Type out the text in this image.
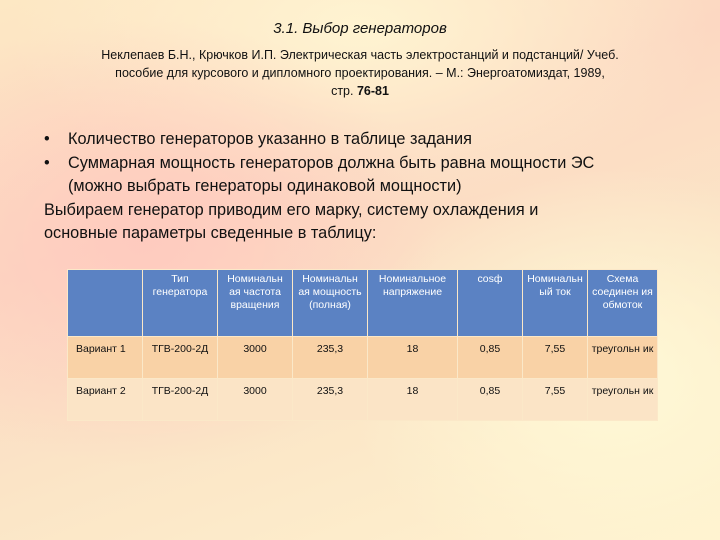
3.1. Выбор генераторов
Неклепаев Б.Н., Крючков И.П. Электрическая часть электростанций и подстанций/ Учеб.
пособие для курсового и дипломного проектирования. – М.: Энергоатомиздат, 1989,
стр. 76-81
• Количество генераторов указанно в таблице задания
• Суммарная мощность генераторов должна быть равна мощности ЭС
(можно выбрать генераторы одинаковой мощности)
Выбираем генератор приводим его марку, систему охлаждения и
основные параметры сведенные в таблицу:
	Тип генератора	Номинальн ая частота вращения	Номинальн ая мощность (полная)	Номинальное напряжение	cosф	Номинальн ый ток	Схема соединен ия обмоток
Вариант 1	ТГВ-200-2Д	3000	235,3	18	0,85	7,55	треугольн ик
Вариант 2	ТГВ-200-2Д	3000	235,3	18	0,85	7,55	треугольн ик
